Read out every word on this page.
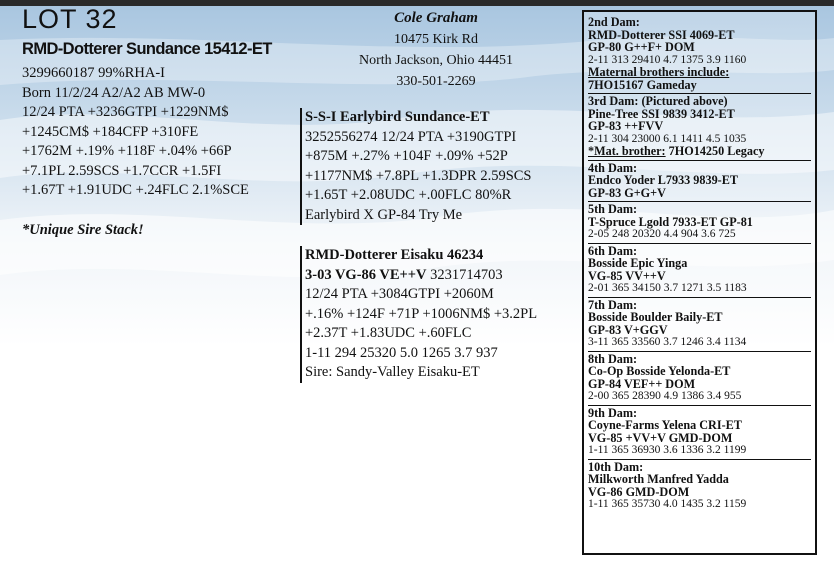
LOT 32
RMD-Dotterer Sundance 15412-ET
3299660187 99%RHA-I
Born 11/2/24 A2/A2 AB MW-0
12/24 PTA +3236GTPI +1229NM$
+1245CM$ +184CFP +310FE
+1762M +.19% +118F +.04% +66P
+7.1PL 2.59SCS +1.7CCR +1.5FI
+1.67T +1.91UDC +.24FLC 2.1%SCE
*Unique Sire Stack!
Cole Graham
10475 Kirk Rd
North Jackson, Ohio 44451
330-501-2269
S-S-I Earlybird Sundance-ET
3252556274 12/24 PTA +3190GTPI
+875M +.27% +104F +.09% +52P
+1177NM$ +7.8PL +1.3DPR 2.59SCS
+1.65T +2.08UDC +.00FLC 80%R
Earlybird X GP-84 Try Me
RMD-Dotterer Eisaku 46234
3-03 VG-86 VE++V 3231714703
12/24 PTA +3084GTPI +2060M
+.16% +124F +71P +1006NM$ +3.2PL
+2.37T +1.83UDC +.60FLC
1-11 294 25320 5.0 1265 3.7 937
Sire: Sandy-Valley Eisaku-ET
2nd Dam:
RMD-Dotterer SSI 4069-ET
GP-80 G++F+ DOM
2-11 313 29410 4.7 1375 3.9 1160
Maternal brothers include:
7HO15167 Gameday
3rd Dam: (Pictured above)
Pine-Tree SSI 9839 3412-ET
GP-83 ++FVV
2-11 304 23000 6.1 1411 4.5 1035
*Mat. brother: 7HO14250 Legacy
4th Dam:
Endco Yoder L7933 9839-ET
GP-83 G+G+V
5th Dam:
T-Spruce Lgold 7933-ET GP-81
2-05 248 20320 4.4 904 3.6 725
6th Dam:
Bosside Epic Yinga
VG-85 VV++V
2-01 365 34150 3.7 1271 3.5 1183
7th Dam:
Bosside Boulder Baily-ET
GP-83 V+GGV
3-11 365 33560 3.7 1246 3.4 1134
8th Dam:
Co-Op Bosside Yelonda-ET
GP-84 VEF++ DOM
2-00 365 28390 4.9 1386 3.4 955
9th Dam:
Coyne-Farms Yelena CRI-ET
VG-85 +VV+V GMD-DOM
1-11 365 36930 3.6 1336 3.2 1199
10th Dam:
Milkworth Manfred Yadda
VG-86 GMD-DOM
1-11 365 35730 4.0 1435 3.2 1159
